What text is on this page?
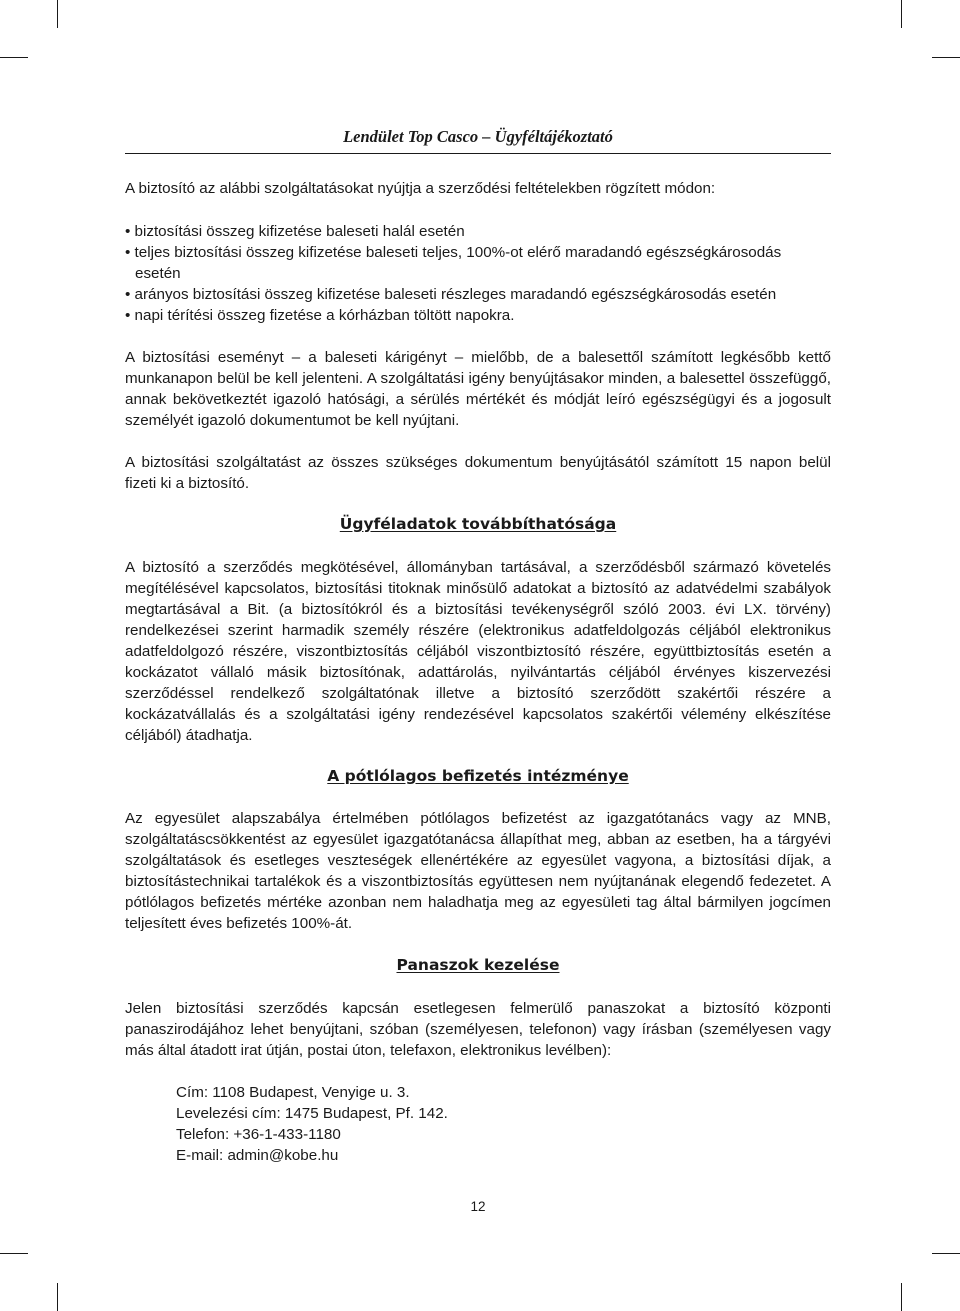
Lendület Top Casco – Ügyféltájékoztató

A biztosító az alábbi szolgáltatásokat nyújtja a szerződési feltételekben rögzített módon:

• biztosítási összeg kifizetése baleseti halál esetén
• teljes biztosítási összeg kifizetése baleseti teljes, 100%-ot elérő maradandó egészségkárosodás esetén
• arányos biztosítási összeg kifizetése baleseti részleges maradandó egészségkárosodás esetén
• napi térítési összeg fizetése a kórházban töltött napokra.

A biztosítási eseményt – a baleseti kárigényt – mielőbb, de a balesettől számított legkésőbb kettő munkanapon belül be kell jelenteni. A szolgáltatási igény benyújtásakor minden, a balesettel összefüggő, annak bekövetkeztét igazoló hatósági, a sérülés mértékét és módját leíró egészségügyi és a jogosult személyét igazoló dokumentumot be kell nyújtani.

A biztosítási szolgáltatást az összes szükséges dokumentum benyújtásától számított 15 napon belül fizeti ki a biztosító.

Ügyféladatok továbbíthatósága

A biztosító a szerződés megkötésével, állományban tartásával, a szerződésből származó követelés megítélésével kapcsolatos, biztosítási titoknak minősülő adatokat a biztosító az adatvédelmi szabályok megtartásával a Bit. (a biztosítókról és a biztosítási tevékenységről szóló 2003. évi LX. törvény) rendelkezései szerint harmadik személy részére (elektronikus adatfeldolgozás céljából elektronikus adatfeldolgozó részére, viszontbiztosítás céljából viszontbiztosító részére, együttbiztosítás esetén a kockázatot vállaló másik biztosítónak, adattárolás, nyilvántartás céljából érvényes kiszervezési szerződéssel rendelkező szolgáltatónak illetve a biztosító szerződött szakértői részére a kockázatvállalás és a szolgáltatási igény rendezésével kapcsolatos szakértői vélemény elkészítése céljából) átadhatja.

A pótlólagos befizetés intézménye

Az egyesület alapszabálya értelmében pótlólagos befizetést az igazgatótanács vagy az MNB, szolgáltatáscsökkentést az egyesület igazgatótanácsa állapíthat meg, abban az esetben, ha a tárgyévi szolgáltatások és esetleges veszteségek ellenértékére az egyesület vagyona, a biztosítási díjak, a biztosítástechnikai tartalékok és a viszontbiztosítás együttesen nem nyújtanának elegendő fedezetet. A pótlólagos befizetés mértéke azonban nem haladhatja meg az egyesületi tag által bármilyen jogcímen teljesített éves befizetés 100%-át.

Panaszok kezelése

Jelen biztosítási szerződés kapcsán esetlegesen felmerülő panaszokat a biztosító központi panaszirodájához lehet benyújtani, szóban (személyesen, telefonon) vagy írásban (személyesen vagy más által átadott irat útján, postai úton, telefaxon, elektronikus levélben):

Cím: 1108 Budapest, Venyige u. 3.
Levelezési cím: 1475 Budapest, Pf. 142.
Telefon: +36-1-433-1180
E-mail: admin@kobe.hu
12
